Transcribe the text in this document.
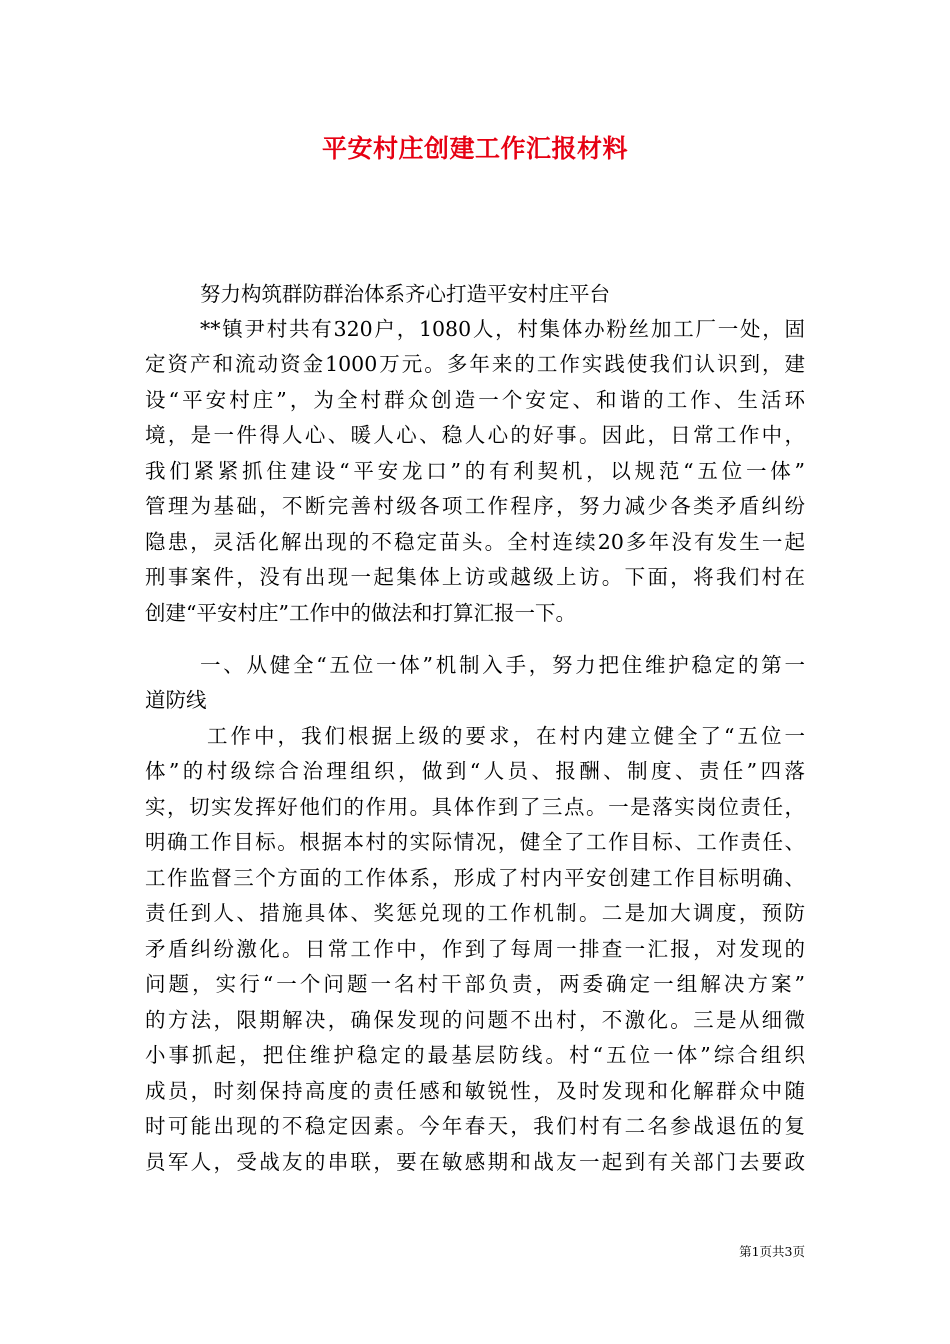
平安村庄创建工作汇报材料
努力构筑群防群治体系齐心打造平安村庄平台
**镇尹村共有320户，1080人，村集体办粉丝加工厂一处，固
定资产和流动资金1000万元。多年来的工作实践使我们认识到，建
设“平安村庄”，为全村群众创造一个安定、和谐的工作、生活环
境，是一件得人心、暖人心、稳人心的好事。因此，日常工作中，
我们紧紧抓住建设“平安龙口”的有利契机，以规范“五位一体”
管理为基础，不断完善村级各项工作程序，努力减少各类矛盾纠纷
隐患，灵活化解出现的不稳定苗头。全村连续20多年没有发生一起
刑事案件，没有出现一起集体上访或越级上访。下面，将我们村在
创建“平安村庄”工作中的做法和打算汇报一下。
一、从健全“五位一体”机制入手，努力把住维护稳定的第一
道防线
工作中，我们根据上级的要求，在村内建立健全了“五位一
体”的村级综合治理组织，做到“人员、报酬、制度、责任”四落
实，切实发挥好他们的作用。具体作到了三点。一是落实岗位责任，
明确工作目标。根据本村的实际情况，健全了工作目标、工作责任、
工作监督三个方面的工作体系，形成了村内平安创建工作目标明确、
责任到人、措施具体、奖惩兑现的工作机制。二是加大调度，预防
矛盾纠纷激化。日常工作中，作到了每周一排查一汇报，对发现的
问题，实行“一个问题一名村干部负责，两委确定一组解决方案”
的方法，限期解决，确保发现的问题不出村，不激化。三是从细微
小事抓起，把住维护稳定的最基层防线。村“五位一体”综合组织
成员，时刻保持高度的责任感和敏锐性，及时发现和化解群众中随
时可能出现的不稳定因素。今年春天，我们村有二名参战退伍的复
员军人，受战友的串联，要在敏感期和战友一起到有关部门去要政
第1页共3页
